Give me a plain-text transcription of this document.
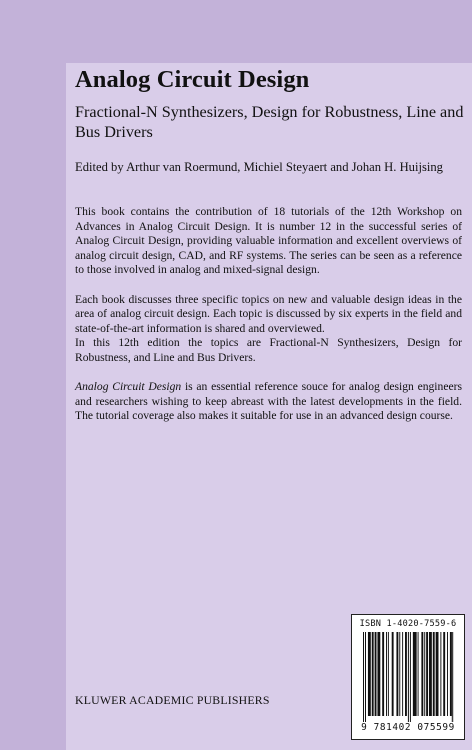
Analog Circuit Design
Fractional-N Synthesizers, Design for Robustness, Line and Bus Drivers
Edited by Arthur van Roermund, Michiel Steyaert and Johan H. Huijsing

This book contains the contribution of 18 tutorials of the 12th Workshop on Advances in Analog Circuit Design. It is number 12 in the successful series of Analog Circuit Design, providing valuable information and excellent overviews of analog circuit design, CAD, and RF systems. The series can be seen as a reference to those involved in analog and mixed-signal design.

Each book discusses three specific topics on new and valuable design ideas in the area of analog circuit design. Each topic is discussed by six experts in the field and state-of-the-art information is shared and overviewed.

In this 12th edition the topics are Fractional-N Synthesizers, Design for Robustness, and Line and Bus Drivers.

Analog Circuit Design is an essential reference souce for analog design engineers and researchers wishing to keep abreast with the latest developments in the field. The tutorial coverage also makes it suitable for use in an advanced design course.

KLUWER ACADEMIC PUBLISHERS
ISBN 1-4020-7559-6
9 781402 075599
